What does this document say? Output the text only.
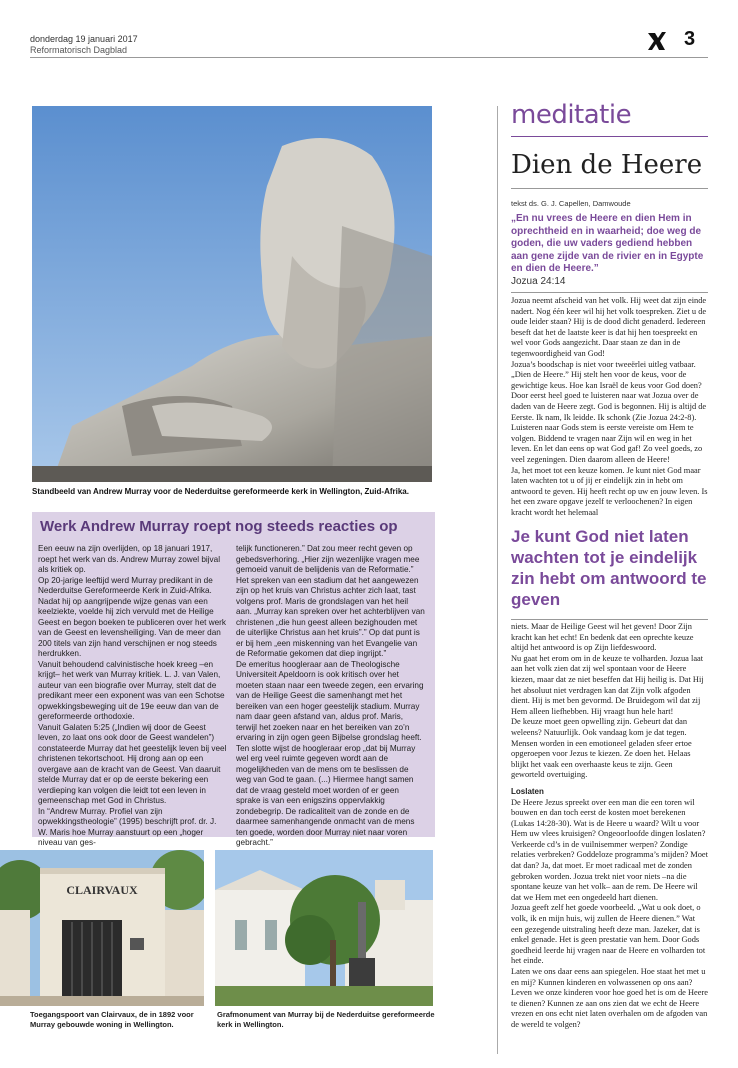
donderdag 19 januari 2017
Reformatorisch Dagblad	3
Standbeeld van Andrew Murray voor de Nederduitse gereformeerde kerk in Wellington, Zuid-Afrika.
Werk Andrew Murray roept nog steeds reacties op

Een eeuw na zijn overlijden, op 18 januari 1917, roept het werk van ds. Andrew Murray zowel bijval als kritiek op.

Op 20-jarige leeftijd werd Murray predikant in de Nederduitse Gereformeerde Kerk in Zuid-Afrika. Nadat hij op aangrijpende wijze genas van een keelziekte, voelde hij zich vervuld met de Heilige Geest en begon boeken te publiceren over het werk van de Geest en levensheiliging. Van de meer dan 200 titels van zijn hand verschijnen er nog steeds herdrukken.

Vanuit behoudend calvinistische hoek kreeg –en krijgt– het werk van Murray kritiek. L. J. van Valen, auteur van een biografie over Murray, stelt dat de predikant meer een exponent was van een Schotse opwekkingsbeweging uit de 19e eeuw dan van de gereformeerde orthodoxie.

Vanuit Galaten 5:25 („Indien wij door de Geest leven, zo laat ons ook door de Geest wandelen”) constateerde Murray dat het geestelijk leven bij veel christenen tekortschoot. Hij drong aan op een overgave aan de kracht van de Geest. Van daaruit stelde Murray dat er op de eerste bekering een verdieping kan volgen die leidt tot een leven in gemeenschap met God in Christus.

In “Andrew Murray. Profiel van zijn opwekkingstheologie” (1995) beschrijft prof. dr. J. W. Maris hoe Murray aanstuurt op een „hoger niveau van ges-

telijk functioneren.” Dat zou meer recht geven op gebedsverhoring. „Hier zijn wezenlijke vragen mee gemoeid vanuit de belijdenis van de Reformatie.”

Het spreken van een stadium dat het aangewezen zijn op het kruis van Christus achter zich laat, tast volgens prof. Maris de grondslagen van het heil aan. „Murray kan spreken over het achterblijven van christenen „die hun geest alleen bezighouden met de uiterlijke Christus aan het kruis”.” Op dat punt is er bij hem „een miskenning van het Evangelie van de Reformatie gekomen dat diep ingrijpt.”

De emeritus hoogleraar aan de Theologische Universiteit Apeldoorn is ook kritisch over het moeten staan naar een tweede zegen, een ervaring van de Heilige Geest die samenhangt met het bereiken van een hoger geestelijk stadium. Murray nam daar geen afstand van, aldus prof. Maris, terwijl het zoeken naar en het bereiken van zo’n ervaring in zijn ogen geen Bijbelse grondslag heeft.

Ten slotte wijst de hoogleraar erop „dat bij Murray wel erg veel ruimte gegeven wordt aan de mogelijkheden van de mens om te beslissen de weg van God te gaan. (...) Hiermee hangt samen dat de vraag gesteld moet worden of er geen sprake is van een enigszins oppervlakkig zondebegrip. De radicaliteit van de zonde en de daarmee samenhangende onmacht van de mens ten goede, worden door Murray niet naar voren gebracht.”

CLAIRVAUX
Toegangspoort van Clairvaux, de in 1892 voor Murray gebouwde woning in Wellington.
Grafmonument van Murray bij de Nederduitse gereformeerde kerk in Wellington.
meditatie
Dien de Heere
tekst ds. G. J. Capellen, Damwoude
„En nu vrees de Heere en dien Hem in oprechtheid en in waarheid; doe weg de goden, die uw vaders gediend hebben aan gene zijde van de rivier en in Egypte en dien de Heere.”
Jozua 24:14

Jozua neemt afscheid van het volk. Hij weet dat zijn einde nadert. Nog één keer wil hij het volk toespreken. Ziet u de oude leider staan? Hij is de dood dicht genaderd. Iedereen beseft dat het de laatste keer is dat hij hen toespreekt en wel voor Gods aangezicht. Daar staan ze dan in de tegenwoordigheid van God!

Jozua’s boodschap is niet voor tweeërlei uitleg vatbaar. „Dien de Heere.” Hij stelt hen voor de keus, voor de gewichtige keus. Hoe kan Israël de keus voor God doen? Door eerst heel goed te luisteren naar wat Jozua over de daden van de Heere zegt. God is begonnen. Hij is altijd de Eerste. Ik nam, Ik leidde. Ik schonk (Zie Jozua 24:2-8). Luisteren naar Gods stem is eerste vereiste om Hem te volgen. Biddend te vragen naar Zijn wil en weg in het leven. En let dan eens op wat God gaf! Zo veel goeds, zo veel zegeningen. Dien daarom alleen de Heere!

Ja, het moet tot een keuze komen. Je kunt niet God maar laten wachten tot u of jij er eindelijk zin in hebt om antwoord te geven. Hij heeft recht op uw en jouw leven. Is het een zware opgave jezelf te verloochenen? In eigen kracht wordt het helemaal

Je kunt God niet laten wachten tot je eindelijk zin hebt om antwoord te geven

niets. Maar de Heilige Geest wil het geven! Door Zijn kracht kan het echt! En bedenk dat een oprechte keuze altijd het antwoord is op Zijn liefdeswoord.

Nu gaat het erom om in de keuze te volharden. Jozua laat aan het volk zien dat zij wel spontaan voor de Heere kiezen, maar dat ze niet beseffen dat Hij heilig is. Dat Hij het absoluut niet verdragen kan dat Zijn volk afgoden dient. Hij is met ben gevormd. De Bruidegom wil dat zij Hem alleen liefhebben. Hij vraagt hun hele hart!

De keuze moet geen opwelling zijn. Gebeurt dat dan weleens? Natuurlijk. Ook vandaag kom je dat tegen. Mensen worden in een emotioneel geladen sfeer ertoe opgeroepen voor Jezus te kiezen. Ze doen het. Helaas blijkt het vaak een overhaaste keus te zijn. Geen geworteld overtuiging.

Loslaten

De Heere Jezus spreekt over een man die een toren wil bouwen en dan toch eerst de kosten moet berekenen (Lukas 14:28-30). Wat is de Heere u waard? Wilt u voor Hem uw vlees kruisigen? Ongeoorloofde dingen loslaten? Verkeerde cd’s in de vuilnisemmer werpen? Zondige relaties verbreken? Goddeloze programma’s mijden? Moet dat dan? Ja, dat moet. Er moet radicaal met de zonden gebroken worden. Jozua trekt niet voor niets –na die spontane keuze van het volk– aan de rem. De Heere wil dat we Hem met een ongedeeld hart dienen.

Jozua geeft zelf het goede voorbeeld. „Wat u ook doet, o volk, ik en mijn huis, wij zullen de Heere dienen.” Wat een gezegende uitstraling heeft deze man. Jazeker, dat is enkel genade. Het is geen prestatie van hem. Door Gods goedheid leerde hij vragen naar de Heere en volharden tot het einde.

Laten we ons daar eens aan spiegelen. Hoe staat het met u en mij? Kunnen kinderen en volwassenen op ons aan? Leven we onze kinderen voor hoe goed het is om de Heere te dienen? Kunnen ze aan ons zien dat we echt de Heere vrezen en ons echt niet laten overhalen om de afgoden van de wereld te volgen?
